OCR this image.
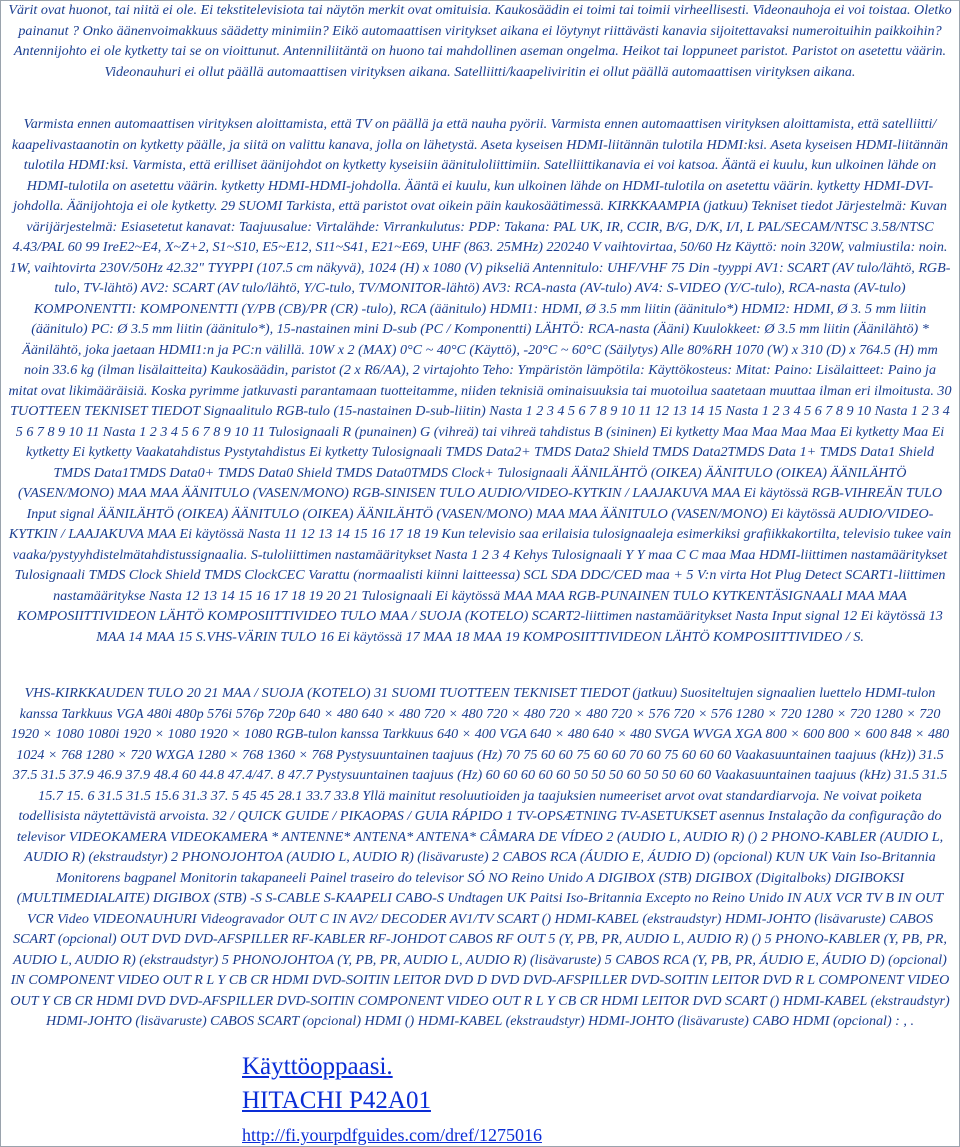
Värit ovat huonot, tai niitä ei ole. Ei tekstitelevisiota tai näytön merkit ovat omituisia. Kaukosäädin ei toimi tai toimii virheellisesti. Videonauhoja ei voi toistaa. Oletko painanut ? Onko äänenvoimakkuus säädetty minimiin? Eikö automaattisen viritykset aikana ei löytynyt riittävästi kanavia sijoitettavaksi numeroituihin paikkoihin? Antennijohto ei ole kytketty tai se on vioittunut. Antenniliitäntä on huono tai mahdollinen aseman ongelma. Heikot tai loppuneet paristot. Paristot on asetettu väärin. Videonauhuri ei ollut päällä automaattisen virityksen aikana. Satelliitti/kaapeliviritin ei ollut päällä automaattisen virityksen aikana.
Varmista ennen automaattisen virityksen aloittamista, että TV on päällä ja että nauha pyörii. Varmista ennen automaattisen virityksen aloittamista, että satelliitti/ kaapelivastaanotin on kytketty päälle, ja siitä on valittu kanava, jolla on lähetystä. Aseta kyseisen HDMI-liitännän tulotila HDMI:ksi. Aseta kyseisen HDMI-liitännän tulotila HDMI:ksi. Varmista, että erilliset äänijohdot on kytketty kyseisiin äänituloliittimiin. Satelliittikanavia ei voi katsoa. Ääntä ei kuulu, kun ulkoinen lähde on HDMI-tulotila on asetettu väärin. kytketty HDMI-HDMI-johdolla. Ääntä ei kuulu, kun ulkoinen lähde on HDMI-tulotila on asetettu väärin. kytketty HDMI-DVI-johdolla. Äänijohtoja ei ole kytketty. 29 SUOMI Tarkista, että paristot ovat oikein päin kaukosäätimessä. KIRKKAAMPIA (jatkuu) Tekniset tiedot Järjestelmä: Kuvan värijärjestelmä: Esiasetetut kanavat: Taajuusalue: Virtalähde: Virrankulutus: PDP: Takana: PAL UK, IR, CCIR, B/G, D/K, I/I, L PAL/SECAM/NTSC 3.58/NTSC 4.43/PAL 60 99 IreE2~E4, X~Z+2, S1~S10, E5~E12, S11~S41, E21~E69, UHF (863. 25MHz) 220240 V vaihtovirtaa, 50/60 Hz Käyttö: noin 320W, valmiustila: noin. 1W, vaihtovirta 230V/50Hz 42.32" TYYPPI (107.5 cm näkyvä), 1024 (H) x 1080 (V) pikseliä Antennitulo: UHF/VHF 75 Din -tyyppi AV1: SCART (AV tulo/lähtö, RGB-tulo, TV-lähtö) AV2: SCART (AV tulo/lähtö, Y/C-tulo, TV/MONITOR-lähtö) AV3: RCA-nasta (AV-tulo) AV4: S-VIDEO (Y/C-tulo), RCA-nasta (AV-tulo) KOMPONENTTI: KOMPONENTTI (Y/PB (CB)/PR (CR) -tulo), RCA (äänitulo) HDMI1: HDMI, Ø 3.5 mm liitin (äänitulo*) HDMI2: HDMI, Ø 3. 5 mm liitin (äänitulo) PC: Ø 3.5 mm liitin (äänitulo*), 15-nastainen mini D-sub (PC / Komponentti) LÄHTÖ: RCA-nasta (Ääni) Kuulokkeet: Ø 3.5 mm liitin (Äänilähtö) * Äänilähtö, joka jaetaan HDMI1:n ja PC:n välillä. 10W x 2 (MAX) 0°C ~ 40°C (Käyttö), -20°C ~ 60°C (Säilytys) Alle 80%RH 1070 (W) x 310 (D) x 764.5 (H) mm noin 33.6 kg (ilman lisälaitteita) Kaukosäädin, paristot (2 x R6/AA), 2 virtajohto Teho: Ympäristön lämpötila: Käyttökosteus: Mitat: Paino: Lisälaitteet: Paino ja mitat ovat likimääräisiä. Koska pyrimme jatkuvasti parantamaan tuotteitamme, niiden teknisiä ominaisuuksia tai muotoilua saatetaan muuttaa ilman eri ilmoitusta. 30 TUOTTEEN TEKNISET TIEDOT Signaalitulo RGB-tulo (15-nastainen D-sub-liitin) Nasta 1 2 3 4 5 6 7 8 9 10 11 12 13 14 15 Nasta 1 2 3 4 5 6 7 8 9 10 Nasta 1 2 3 4 5 6 7 8 9 10 11 Nasta 1 2 3 4 5 6 7 8 9 10 11 Tulosignaali R (punainen) G (vihreä) tai vihreä tahdistus B (sininen) Ei kytketty Maa Maa Maa Maa Ei kytketty Maa Ei kytketty Ei kytketty Vaakatahdistus Pystytahdistus Ei kytketty Tulosignaali TMDS Data2+ TMDS Data2 Shield TMDS Data2TMDS Data 1+ TMDS Data1 Shield TMDS Data1TMDS Data0+ TMDS Data0 Shield TMDS Data0TMDS Clock+ Tulosignaali ÄÄNILÄHTÖ (OIKEA) ÄÄNITULO (OIKEA) ÄÄNILÄHTÖ (VASEN/MONO) MAA MAA ÄÄNITULO (VASEN/MONO) RGB-SINISEN TULO AUDIO/VIDEO-KYTKIN / LAAJAKUVA MAA Ei käytössä RGB-VIHREÄN TULO Input signal ÄÄNILÄHTÖ (OIKEA) ÄÄNITULO (OIKEA) ÄÄNILÄHTÖ (VASEN/MONO) MAA MAA ÄÄNITULO (VASEN/MONO) Ei käytössä AUDIO/VIDEO-KYTKIN / LAAJAKUVA MAA Ei käytössä Nasta 11 12 13 14 15 16 17 18 19 Kun televisio saa erilaisia tulosignaaleja esimerkiksi grafiikkakortilta, televisio tukee vain vaaka/pystyyhdistelmätahdistussignaalia. S-tuloliittimen nastamääritykset Nasta 1 2 3 4 Kehys Tulosignaali Y Y maa C C maa Maa HDMI-liittimen nastamääritykset Tulosignaali TMDS Clock Shield TMDS ClockCEC Varattu (normaalisti kiinni laitteessa) SCL SDA DDC/CED maa + 5 V:n virta Hot Plug Detect SCART1-liittimen nastamääritykse Nasta 12 13 14 15 16 17 18 19 20 21 Tulosignaali Ei käytössä MAA MAA RGB-PUNAINEN TULO KYTKENTÄSIGNAALI MAA MAA KOMPOSIITTIVIDEON LÄHTÖ KOMPOSIITTIVIDEO TULO MAA / SUOJA (KOTELO) SCART2-liittimen nastamääritykset Nasta Input signal 12 Ei käytössä 13 MAA 14 MAA 15 S.VHS-VÄRIN TULO 16 Ei käytössä 17 MAA 18 MAA 19 KOMPOSIITTIVIDEON LÄHTÖ KOMPOSIITTIVIDEO / S.
VHS-KIRKKAUDEN TULO 20 21 MAA / SUOJA (KOTELO) 31 SUOMI TUOTTEEN TEKNISET TIEDOT (jatkuu) Suositeltujen signaalien luettelo HDMI-tulon kanssa Tarkkuus VGA 480i 480p 576i 576p 720p 640 × 480 640 × 480 720 × 480 720 × 480 720 × 480 720 × 576 720 × 576 1280 × 720 1280 × 720 1280 × 720 1920 × 1080 1080i 1920 × 1080 1920 × 1080 RGB-tulon kanssa Tarkkuus 640 × 400 VGA 640 × 480 640 × 480 SVGA WVGA XGA 800 × 600 800 × 600 848 × 480 1024 × 768 1280 × 720 WXGA 1280 × 768 1360 × 768 Pystysuuntainen taajuus (Hz) 70 75 60 60 75 60 60 70 60 75 60 60 60 Vaakasuuntainen taajuus (kHz)) 31.5 37.5 31.5 37.9 46.9 37.9 48.4 60 44.8 47.4/47. 8 47.7 Pystysuuntainen taajuus (Hz) 60 60 60 60 60 50 50 50 60 50 50 60 60 Vaakasuuntainen taajuus (kHz) 31.5 31.5 15.7 15. 6 31.5 31.5 15.6 31.3 37. 5 45 45 28.1 33.7 33.8 Yllä mainitut resoluutioiden ja taajuksien numeeriset arvot ovat standardiarvoja. Ne voivat poiketa todellisista näytettävistä arvoista. 32 / QUICK GUIDE / PIKAOPAS / GUIA RÁPIDO 1 TV-OPSÆTNING TV-ASETUKSET asennus Instalação da configuração do televisor VIDEOKAMERA VIDEOKAMERA * ANTENNE* ANTENA* ANTENA* CÂMARA DE VÍDEO 2 (AUDIO L, AUDIO R) () 2 PHONO-KABLER (AUDIO L, AUDIO R) (ekstraudstyr) 2 PHONOJOHTOA (AUDIO L, AUDIO R) (lisävaruste) 2 CABOS RCA (ÁUDIO E, ÁUDIO D) (opcional) KUN UK Vain Iso-Britannia Monitorens bagpanel Monitorin takapaneeli Painel traseiro do televisor SÓ NO Reino Unido A DIGIBOX (STB) DIGIBOX (Digitalboks) DIGIBOKSI (MULTIMEDIALAITE) DIGIBOX (STB) -S S-CABLE S-KAAPELI CABO-S Undtagen UK Paitsi Iso-Britannia Excepto no Reino Unido IN AUX VCR TV B IN OUT VCR Video VIDEONAUHURI Videogravador OUT C IN AV2/ DECODER AV1/TV SCART () HDMI-KABEL (ekstraudstyr) HDMI-JOHTO (lisävaruste) CABOS SCART (opcional) OUT DVD DVD-AFSPILLER RF-KABLER RF-JOHDOT CABOS RF OUT 5 (Y, PB, PR, AUDIO L, AUDIO R) () 5 PHONO-KABLER (Y, PB, PR, AUDIO L, AUDIO R) (ekstraudstyr) 5 PHONOJOHTOA (Y, PB, PR, AUDIO L, AUDIO R) (lisävaruste) 5 CABOS RCA (Y, PB, PR, ÁUDIO E, ÁUDIO D) (opcional) IN COMPONENT VIDEO OUT R L Y CB CR HDMI DVD-SOITIN LEITOR DVD D DVD DVD-AFSPILLER DVD-SOITIN LEITOR DVD R L COMPONENT VIDEO OUT Y CB CR HDMI DVD DVD-AFSPILLER DVD-SOITIN COMPONENT VIDEO OUT R L Y CB CR HDMI LEITOR DVD SCART () HDMI-KABEL (ekstraudstyr) HDMI-JOHTO (lisävaruste) CABOS SCART (opcional) HDMI () HDMI-KABEL (ekstraudstyr) HDMI-JOHTO (lisävaruste) CABO HDMI (opcional) : , .
Käyttöoppaasi.
HITACHI P42A01
http://fi.yourpdfguides.com/dref/1275016
